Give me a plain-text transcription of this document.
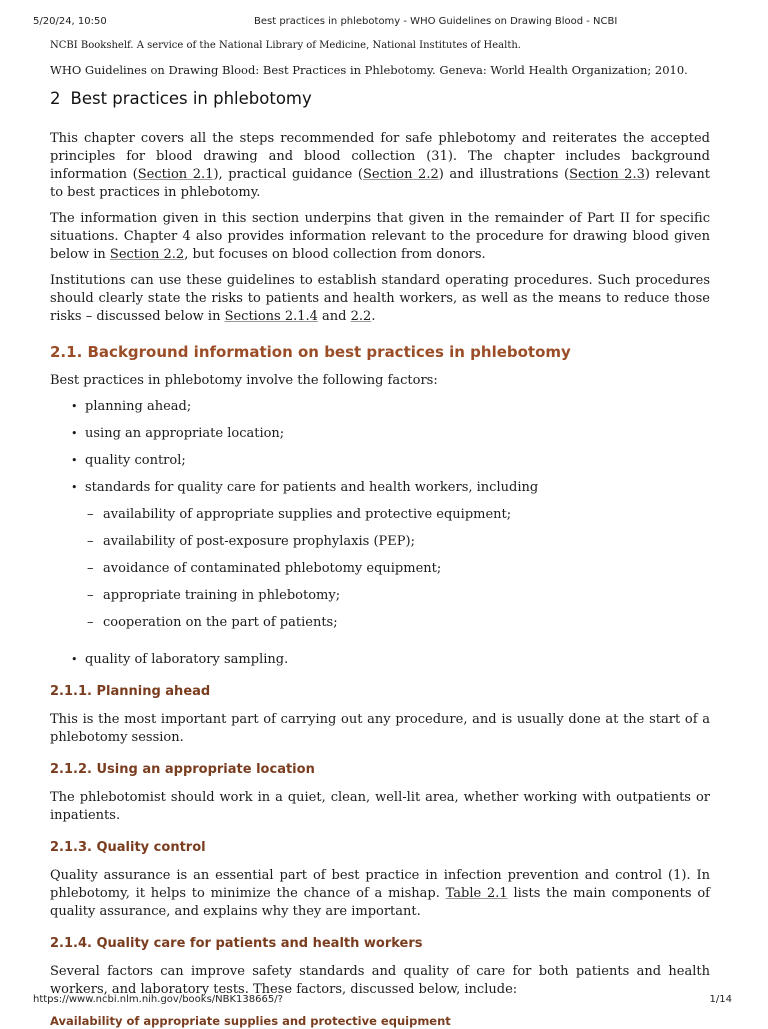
5/20/24, 10:50	Best practices in phlebotomy - WHO Guidelines on Drawing Blood - NCBI
NCBI Bookshelf. A service of the National Library of Medicine, National Institutes of Health.
WHO Guidelines on Drawing Blood: Best Practices in Phlebotomy. Geneva: World Health Organization; 2010.
2 Best practices in phlebotomy

This chapter covers all the steps recommended for safe phlebotomy and reiterates the accepted principles for blood drawing and blood collection (31). The chapter includes background information (Section 2.1), practical guidance (Section 2.2) and illustrations (Section 2.3) relevant to best practices in phlebotomy.

The information given in this section underpins that given in the remainder of Part II for specific situations. Chapter 4 also provides information relevant to the procedure for drawing blood given below in Section 2.2, but focuses on blood collection from donors.

Institutions can use these guidelines to establish standard operating procedures. Such procedures should clearly state the risks to patients and health workers, as well as the means to reduce those risks – discussed below in Sections 2.1.4 and 2.2.

2.1. Background information on best practices in phlebotomy

Best practices in phlebotomy involve the following factors:

• planning ahead;
• using an appropriate location;
• quality control;
• standards for quality care for patients and health workers, including
– availability of appropriate supplies and protective equipment;
– availability of post-exposure prophylaxis (PEP);
– avoidance of contaminated phlebotomy equipment;
– appropriate training in phlebotomy;
– cooperation on the part of patients;
• quality of laboratory sampling.
2.1.1. Planning ahead

This is the most important part of carrying out any procedure, and is usually done at the start of a phlebotomy session.

2.1.2. Using an appropriate location

The phlebotomist should work in a quiet, clean, well-lit area, whether working with outpatients or inpatients.

2.1.3. Quality control

Quality assurance is an essential part of best practice in infection prevention and control (1). In phlebotomy, it helps to minimize the chance of a mishap. Table 2.1 lists the main components of quality assurance, and explains why they are important.

2.1.4. Quality care for patients and health workers

Several factors can improve safety standards and quality of care for both patients and health workers, and laboratory tests. These factors, discussed below, include:

Availability of appropriate supplies and protective equipment
https://www.ncbi.nlm.nih.gov/books/NBK138665/?	1/14
